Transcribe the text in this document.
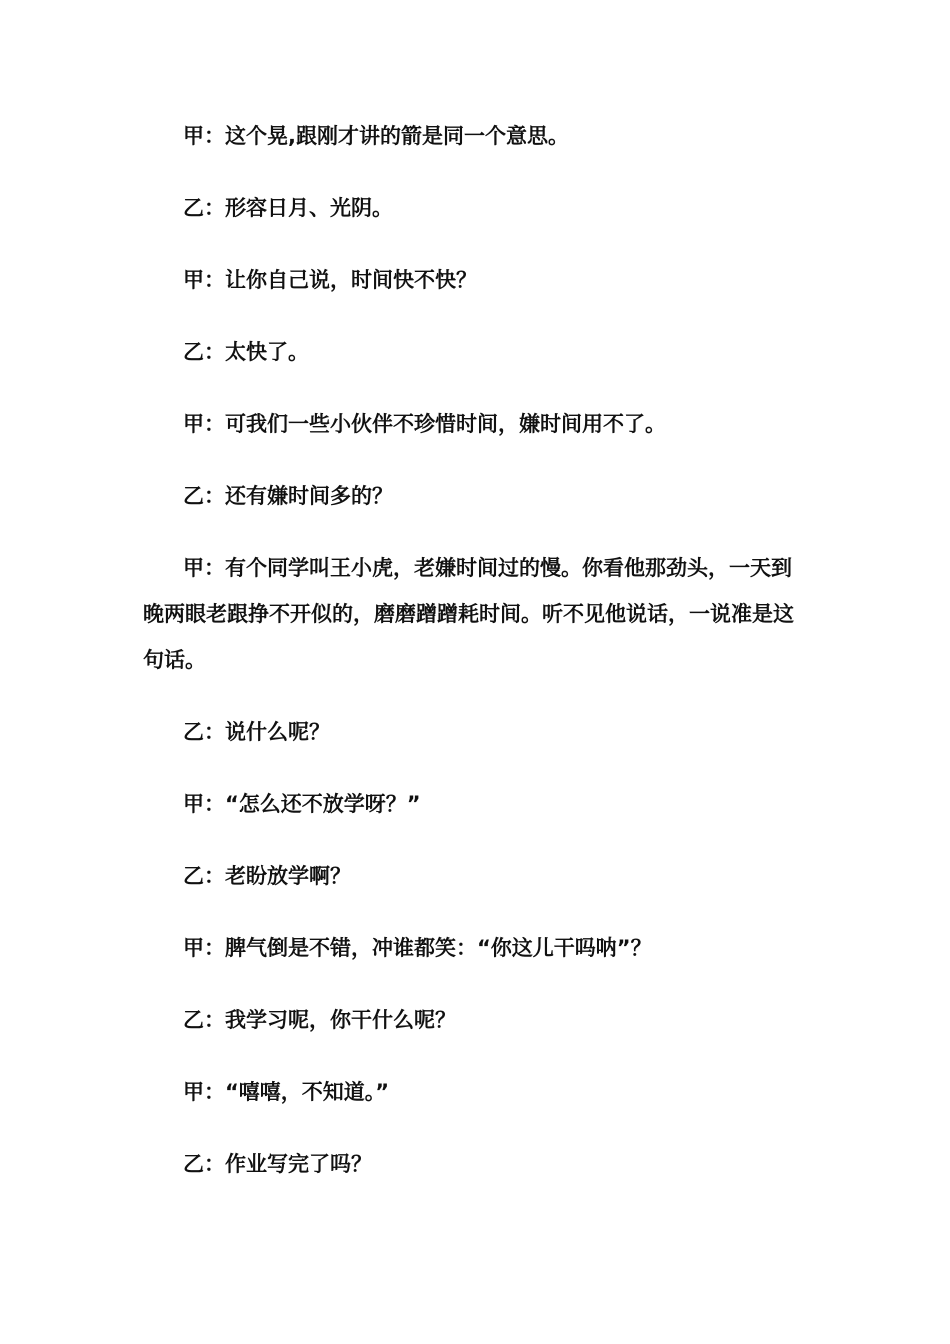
甲：这个晃,跟刚才讲的箭是同一个意思。

乙：形容日月、光阴。

甲：让你自己说，时间快不快？

乙：太快了。

甲：可我们一些小伙伴不珍惜时间，嫌时间用不了。

乙：还有嫌时间多的？

甲：有个同学叫王小虎，老嫌时间过的慢。你看他那劲头，一天到晚两眼老跟挣不开似的，磨磨蹭蹭耗时间。听不见他说话，一说准是这句话。

乙：说什么呢？

甲：“怎么还不放学呀？”

乙：老盼放学啊？

甲：脾气倒是不错，冲谁都笑：“你这儿干吗呐”？

乙：我学习呢，你干什么呢？

甲：“嘻嘻，不知道。”

乙：作业写完了吗？
